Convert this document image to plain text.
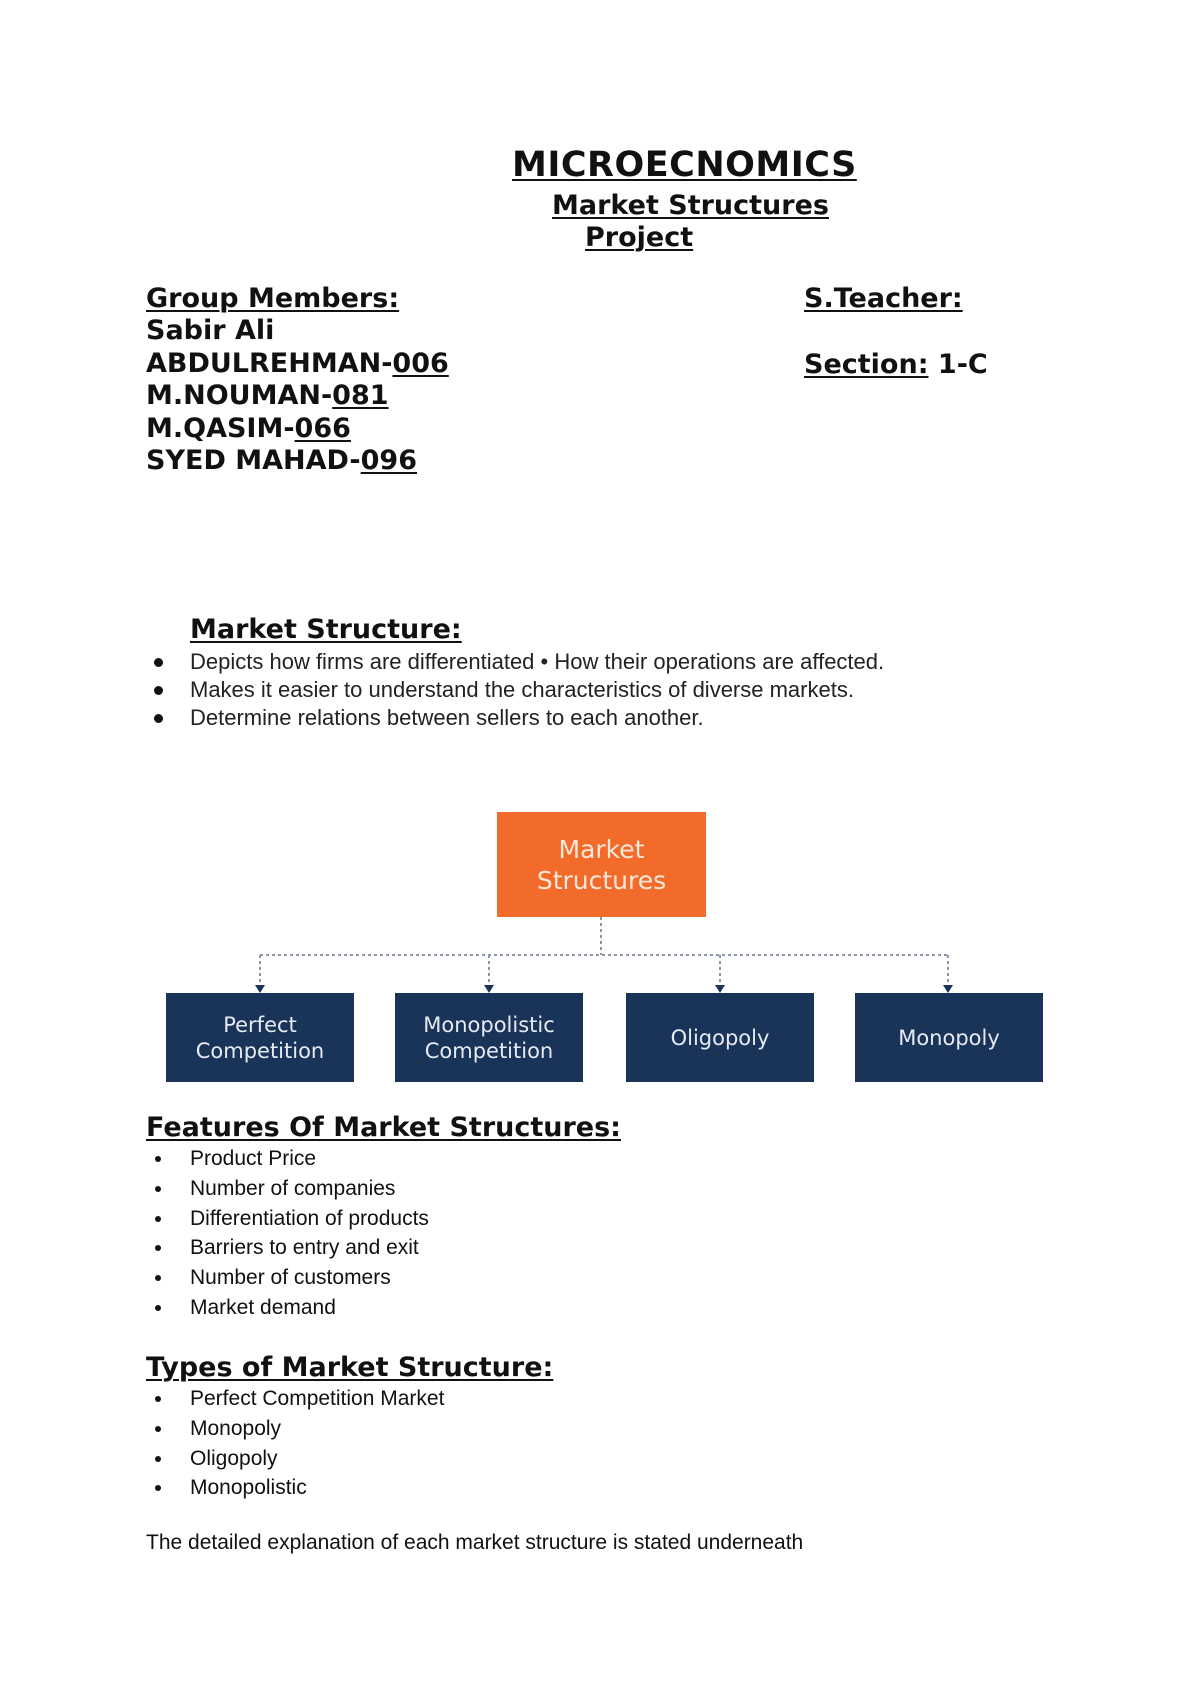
MICROECNOMICS
Market Structures
Project
Group Members:
Sabir Ali
ABDULREHMAN-006
M.NOUMAN-081
M.QASIM-066
SYED MAHAD-096
S.Teacher:
Section: 1-C
Market Structure:
Depicts how firms are differentiated • How their operations are affected.
Makes it easier to understand the characteristics of diverse markets.
Determine relations between sellers to each another.
Market
Structures
Perfect
Competition
Monopolistic
Competition
Oligopoly	Monopoly
Features Of Market Structures:
Product Price
Number of companies
Differentiation of products
Barriers to entry and exit
Number of customers
Market demand
Types of Market Structure:
Perfect Competition Market
Monopoly
Oligopoly
Monopolistic
The detailed explanation of each market structure is stated underneath
